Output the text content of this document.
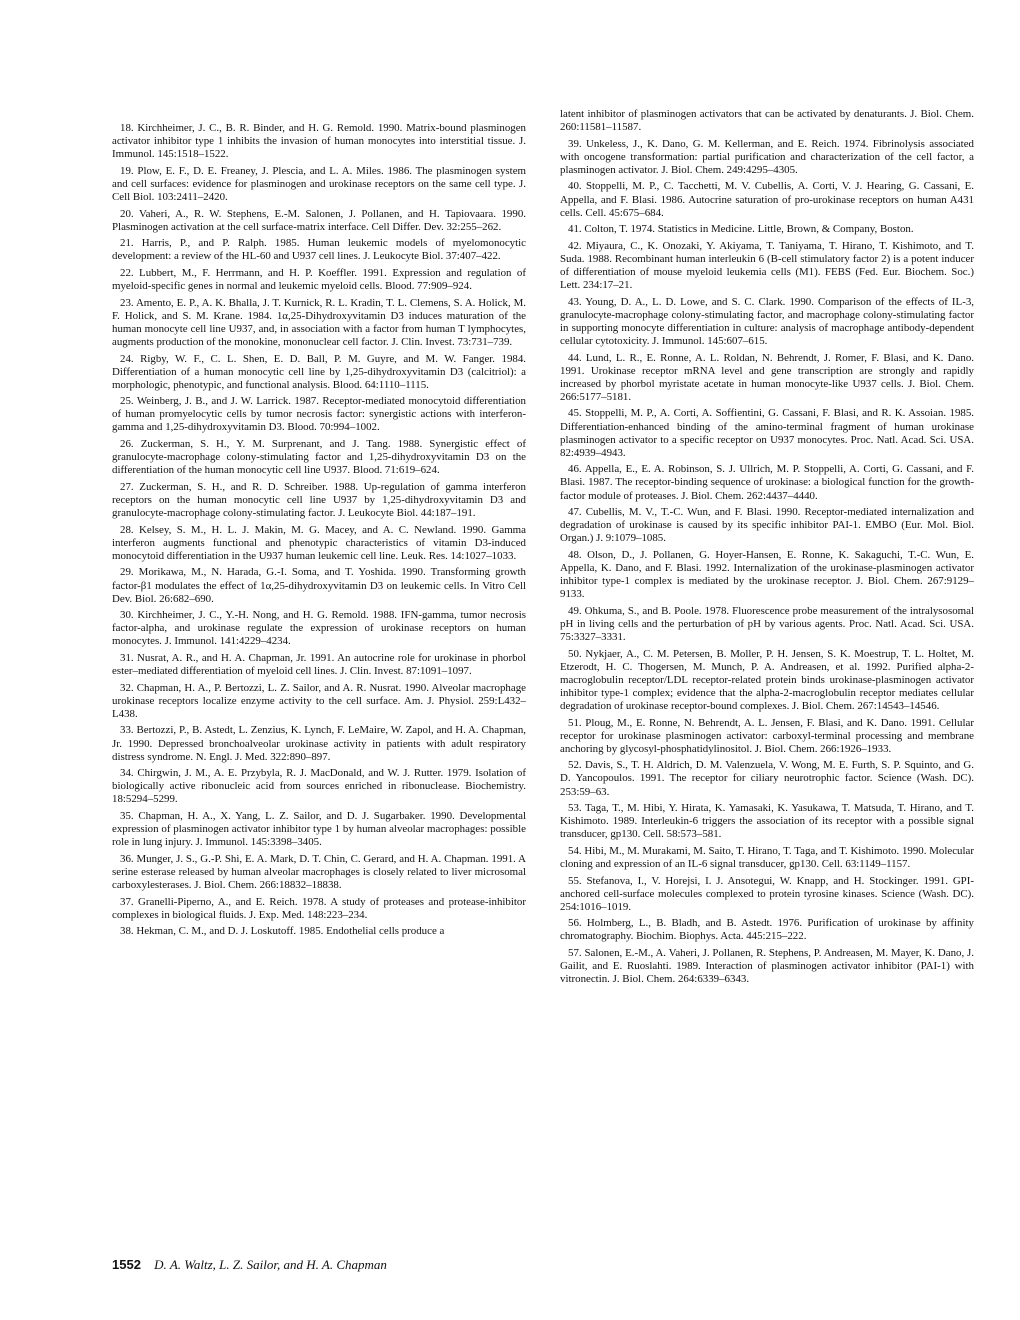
18. Kirchheimer, J. C., B. R. Binder, and H. G. Remold. 1990. Matrix-bound plasminogen activator inhibitor type 1 inhibits the invasion of human monocytes into interstitial tissue. J. Immunol. 145:1518–1522.

19. Plow, E. F., D. E. Freaney, J. Plescia, and L. A. Miles. 1986. The plasminogen system and cell surfaces: evidence for plasminogen and urokinase receptors on the same cell type. J. Cell Biol. 103:2411–2420.

20. Vaheri, A., R. W. Stephens, E.-M. Salonen, J. Pollanen, and H. Tapiovaara. 1990. Plasminogen activation at the cell surface-matrix interface. Cell Differ. Dev. 32:255–262.

21. Harris, P., and P. Ralph. 1985. Human leukemic models of myelomonocytic development: a review of the HL-60 and U937 cell lines. J. Leukocyte Biol. 37:407–422.

22. Lubbert, M., F. Herrmann, and H. P. Koeffler. 1991. Expression and regulation of myeloid-specific genes in normal and leukemic myeloid cells. Blood. 77:909–924.

23. Amento, E. P., A. K. Bhalla, J. T. Kurnick, R. L. Kradin, T. L. Clemens, S. A. Holick, M. F. Holick, and S. M. Krane. 1984. 1α,25-Dihydroxyvitamin D3 induces maturation of the human monocyte cell line U937, and, in association with a factor from human T lymphocytes, augments production of the monokine, mononuclear cell factor. J. Clin. Invest. 73:731–739.

24. Rigby, W. F., C. L. Shen, E. D. Ball, P. M. Guyre, and M. W. Fanger. 1984. Differentiation of a human monocytic cell line by 1,25-dihydroxyvitamin D3 (calcitriol): a morphologic, phenotypic, and functional analysis. Blood. 64:1110–1115.

25. Weinberg, J. B., and J. W. Larrick. 1987. Receptor-mediated monocytoid differentiation of human promyelocytic cells by tumor necrosis factor: synergistic actions with interferon-gamma and 1,25-dihydroxyvitamin D3. Blood. 70:994–1002.

26. Zuckerman, S. H., Y. M. Surprenant, and J. Tang. 1988. Synergistic effect of granulocyte-macrophage colony-stimulating factor and 1,25-dihydroxyvitamin D3 on the differentiation of the human monocytic cell line U937. Blood. 71:619–624.

27. Zuckerman, S. H., and R. D. Schreiber. 1988. Up-regulation of gamma interferon receptors on the human monocytic cell line U937 by 1,25-dihydroxyvitamin D3 and granulocyte-macrophage colony-stimulating factor. J. Leukocyte Biol. 44:187–191.

28. Kelsey, S. M., H. L. J. Makin, M. G. Macey, and A. C. Newland. 1990. Gamma interferon augments functional and phenotypic characteristics of vitamin D3-induced monocytoid differentiation in the U937 human leukemic cell line. Leuk. Res. 14:1027–1033.

29. Morikawa, M., N. Harada, G.-I. Soma, and T. Yoshida. 1990. Transforming growth factor-β1 modulates the effect of 1α,25-dihydroxyvitamin D3 on leukemic cells. In Vitro Cell Dev. Biol. 26:682–690.

30. Kirchheimer, J. C., Y.-H. Nong, and H. G. Remold. 1988. IFN-gamma, tumor necrosis factor-alpha, and urokinase regulate the expression of urokinase receptors on human monocytes. J. Immunol. 141:4229–4234.

31. Nusrat, A. R., and H. A. Chapman, Jr. 1991. An autocrine role for urokinase in phorbol ester–mediated differentiation of myeloid cell lines. J. Clin. Invest. 87:1091–1097.

32. Chapman, H. A., P. Bertozzi, L. Z. Sailor, and A. R. Nusrat. 1990. Alveolar macrophage urokinase receptors localize enzyme activity to the cell surface. Am. J. Physiol. 259:L432–L438.

33. Bertozzi, P., B. Astedt, L. Zenzius, K. Lynch, F. LeMaire, W. Zapol, and H. A. Chapman, Jr. 1990. Depressed bronchoalveolar urokinase activity in patients with adult respiratory distress syndrome. N. Engl. J. Med. 322:890–897.

34. Chirgwin, J. M., A. E. Przybyla, R. J. MacDonald, and W. J. Rutter. 1979. Isolation of biologically active ribonucleic acid from sources enriched in ribonuclease. Biochemistry. 18:5294–5299.

35. Chapman, H. A., X. Yang, L. Z. Sailor, and D. J. Sugarbaker. 1990. Developmental expression of plasminogen activator inhibitor type 1 by human alveolar macrophages: possible role in lung injury. J. Immunol. 145:3398–3405.

36. Munger, J. S., G.-P. Shi, E. A. Mark, D. T. Chin, C. Gerard, and H. A. Chapman. 1991. A serine esterase released by human alveolar macrophages is closely related to liver microsomal carboxylesterases. J. Biol. Chem. 266:18832–18838.

37. Granelli-Piperno, A., and E. Reich. 1978. A study of proteases and protease-inhibitor complexes in biological fluids. J. Exp. Med. 148:223–234.

38. Hekman, C. M., and D. J. Loskutoff. 1985. Endothelial cells produce a

latent inhibitor of plasminogen activators that can be activated by denaturants. J. Biol. Chem. 260:11581–11587.

39. Unkeless, J., K. Dano, G. M. Kellerman, and E. Reich. 1974. Fibrinolysis associated with oncogene transformation: partial purification and characterization of the cell factor, a plasminogen activator. J. Biol. Chem. 249:4295–4305.

40. Stoppelli, M. P., C. Tacchetti, M. V. Cubellis, A. Corti, V. J. Hearing, G. Cassani, E. Appella, and F. Blasi. 1986. Autocrine saturation of pro-urokinase receptors on human A431 cells. Cell. 45:675–684.

41. Colton, T. 1974. Statistics in Medicine. Little, Brown, & Company, Boston.

42. Miyaura, C., K. Onozaki, Y. Akiyama, T. Taniyama, T. Hirano, T. Kishimoto, and T. Suda. 1988. Recombinant human interleukin 6 (B-cell stimulatory factor 2) is a potent inducer of differentiation of mouse myeloid leukemia cells (M1). FEBS (Fed. Eur. Biochem. Soc.) Lett. 234:17–21.

43. Young, D. A., L. D. Lowe, and S. C. Clark. 1990. Comparison of the effects of IL-3, granulocyte-macrophage colony-stimulating factor, and macrophage colony-stimulating factor in supporting monocyte differentiation in culture: analysis of macrophage antibody-dependent cellular cytotoxicity. J. Immunol. 145:607–615.

44. Lund, L. R., E. Ronne, A. L. Roldan, N. Behrendt, J. Romer, F. Blasi, and K. Dano. 1991. Urokinase receptor mRNA level and gene transcription are strongly and rapidly increased by phorbol myristate acetate in human monocyte-like U937 cells. J. Biol. Chem. 266:5177–5181.

45. Stoppelli, M. P., A. Corti, A. Soffientini, G. Cassani, F. Blasi, and R. K. Assoian. 1985. Differentiation-enhanced binding of the amino-terminal fragment of human urokinase plasminogen activator to a specific receptor on U937 monocytes. Proc. Natl. Acad. Sci. USA. 82:4939–4943.

46. Appella, E., E. A. Robinson, S. J. Ullrich, M. P. Stoppelli, A. Corti, G. Cassani, and F. Blasi. 1987. The receptor-binding sequence of urokinase: a biological function for the growth-factor module of proteases. J. Biol. Chem. 262:4437–4440.

47. Cubellis, M. V., T.-C. Wun, and F. Blasi. 1990. Receptor-mediated internalization and degradation of urokinase is caused by its specific inhibitor PAI-1. EMBO (Eur. Mol. Biol. Organ.) J. 9:1079–1085.

48. Olson, D., J. Pollanen, G. Hoyer-Hansen, E. Ronne, K. Sakaguchi, T.-C. Wun, E. Appella, K. Dano, and F. Blasi. 1992. Internalization of the urokinase-plasminogen activator inhibitor type-1 complex is mediated by the urokinase receptor. J. Biol. Chem. 267:9129–9133.

49. Ohkuma, S., and B. Poole. 1978. Fluorescence probe measurement of the intralysosomal pH in living cells and the perturbation of pH by various agents. Proc. Natl. Acad. Sci. USA. 75:3327–3331.

50. Nykjaer, A., C. M. Petersen, B. Moller, P. H. Jensen, S. K. Moestrup, T. L. Holtet, M. Etzerodt, H. C. Thogersen, M. Munch, P. A. Andreasen, et al. 1992. Purified alpha-2-macroglobulin receptor/LDL receptor-related protein binds urokinase-plasminogen activator inhibitor type-1 complex; evidence that the alpha-2-macroglobulin receptor mediates cellular degradation of urokinase receptor-bound complexes. J. Biol. Chem. 267:14543–14546.

51. Ploug, M., E. Ronne, N. Behrendt, A. L. Jensen, F. Blasi, and K. Dano. 1991. Cellular receptor for urokinase plasminogen activator: carboxyl-terminal processing and membrane anchoring by glycosyl-phosphatidylinositol. J. Biol. Chem. 266:1926–1933.

52. Davis, S., T. H. Aldrich, D. M. Valenzuela, V. Wong, M. E. Furth, S. P. Squinto, and G. D. Yancopoulos. 1991. The receptor for ciliary neurotrophic factor. Science (Wash. DC). 253:59–63.

53. Taga, T., M. Hibi, Y. Hirata, K. Yamasaki, K. Yasukawa, T. Matsuda, T. Hirano, and T. Kishimoto. 1989. Interleukin-6 triggers the association of its receptor with a possible signal transducer, gp130. Cell. 58:573–581.

54. Hibi, M., M. Murakami, M. Saito, T. Hirano, T. Taga, and T. Kishimoto. 1990. Molecular cloning and expression of an IL-6 signal transducer, gp130. Cell. 63:1149–1157.

55. Stefanova, I., V. Horejsi, I. J. Ansotegui, W. Knapp, and H. Stockinger. 1991. GPI-anchored cell-surface molecules complexed to protein tyrosine kinases. Science (Wash. DC). 254:1016–1019.

56. Holmberg, L., B. Bladh, and B. Astedt. 1976. Purification of urokinase by affinity chromatography. Biochim. Biophys. Acta. 445:215–222.

57. Salonen, E.-M., A. Vaheri, J. Pollanen, R. Stephens, P. Andreasen, M. Mayer, K. Dano, J. Gailit, and E. Ruoslahti. 1989. Interaction of plasminogen activator inhibitor (PAI-1) with vitronectin. J. Biol. Chem. 264:6339–6343.

1552 D. A. Waltz, L. Z. Sailor, and H. A. Chapman
